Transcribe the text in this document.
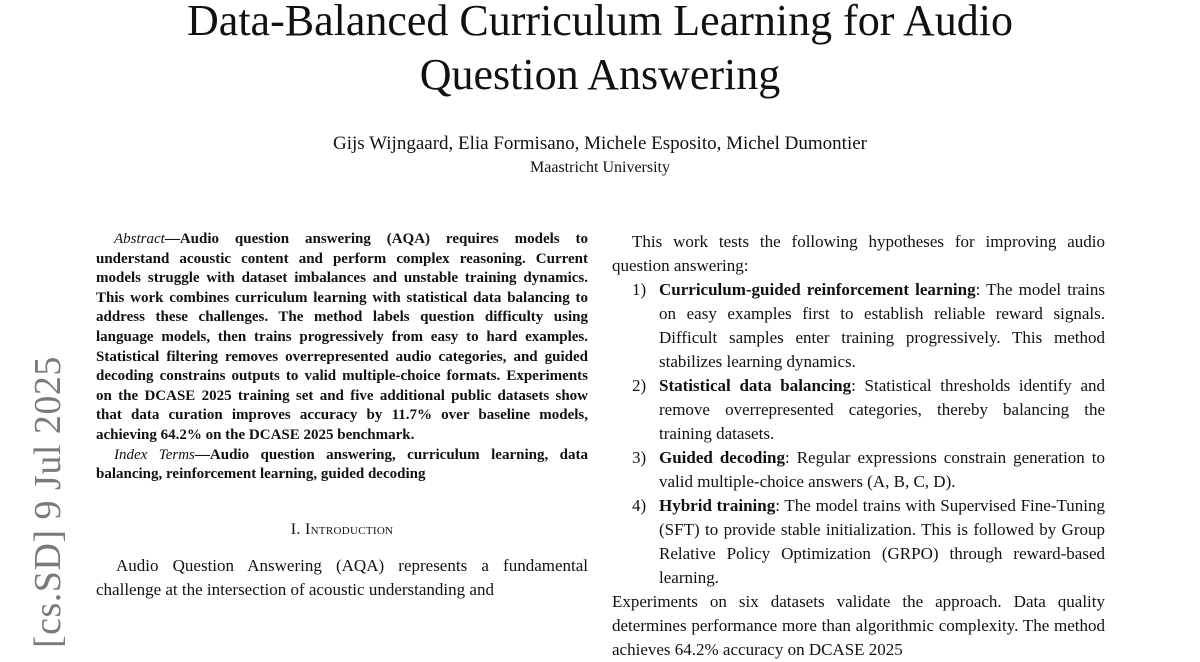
[cs.SD] 9 Jul 2025
Data-Balanced Curriculum Learning for Audio
Question Answering
Gijs Wijngaard, Elia Formisano, Michele Esposito, Michel Dumontier
Maastricht University

Abstract—Audio question answering (AQA) requires models to understand acoustic content and perform complex reasoning. Current models struggle with dataset imbalances and unstable training dynamics. This work combines curriculum learning with statistical data balancing to address these challenges. The method labels question difficulty using language models, then trains progressively from easy to hard examples. Statistical filtering removes overrepresented audio categories, and guided decoding constrains outputs to valid multiple-choice formats. Experiments on the DCASE 2025 training set and five additional public datasets show that data curation improves accuracy by 11.7% over baseline models, achieving 64.2% on the DCASE 2025 benchmark.

Index Terms—Audio question answering, curriculum learning, data balancing, reinforcement learning, guided decoding

I. Introduction

Audio Question Answering (AQA) represents a fundamental challenge at the intersection of acoustic understanding and

This work tests the following hypotheses for improving audio question answering:

1) Curriculum-guided reinforcement learning: The model trains on easy examples first to establish reliable reward signals. Difficult samples enter training progressively. This method stabilizes learning dynamics.
2) Statistical data balancing: Statistical thresholds identify and remove overrepresented categories, thereby balancing the training datasets.
3) Guided decoding: Regular expressions constrain generation to valid multiple-choice answers (A, B, C, D).
4) Hybrid training: The model trains with Supervised Fine-Tuning (SFT) to provide stable initialization. This is followed by Group Relative Policy Optimization (GRPO) through reward-based learning.

Experiments on six datasets validate the approach. Data quality determines performance more than algorithmic complexity. The method achieves 64.2% accuracy on DCASE 2025
